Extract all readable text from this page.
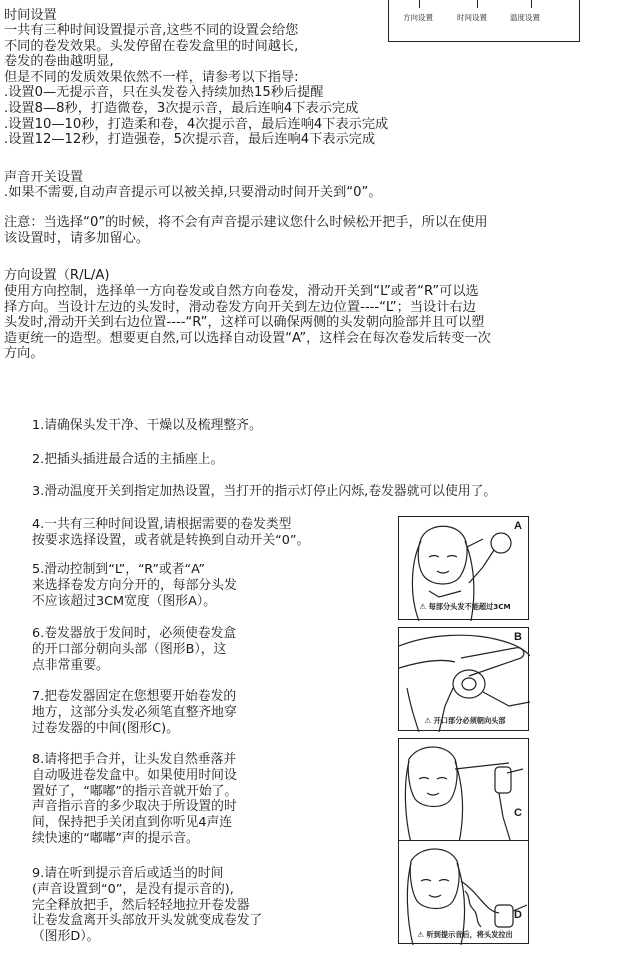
方向设置	时间设置	温度设置
时间设置
一共有三种时间设置提示音,这些不同的设置会给您
不同的卷发效果。头发停留在卷发盒里的时间越长,
卷发的卷曲越明显,
但是不同的发质效果依然不一样，请参考以下指导:
.设置0—无提示音，只在头发卷入持续加热15秒后提醒
.设置8—8秒，打造微卷，3次提示音，最后连响4下表示完成
.设置10—10秒，打造柔和卷，4次提示音，最后连响4下表示完成
.设置12—12秒，打造强卷，5次提示音，最后连响4下表示完成
声音开关设置
.如果不需要,自动声音提示可以被关掉,只要滑动时间开关到“0”。
注意：当选择“0”的时候，将不会有声音提示建议您什么时候松开把手，所以在使用
该设置时，请多加留心。
方向设置（R/L/A)
使用方向控制，选择单一方向卷发或自然方向卷发，滑动开关到“L”或者“R”可以选
择方向。当设计左边的头发时，滑动卷发方向开关到左边位置----“L”；当设计右边
头发时,滑动开关到右边位置----“R”，这样可以确保两侧的头发朝向脸部并且可以塑
造更统一的造型。想要更自然,可以选择自动设置“A”，这样会在每次卷发后转变一次
方向。
1.请确保头发干净、干燥以及梳理整齐。
2.把插头插进最合适的主插座上。
3.滑动温度开关到指定加热设置，当打开的指示灯停止闪烁,卷发器就可以使用了。
4.一共有三种时间设置,请根据需要的卷发类型
按要求选择设置，或者就是转换到自动开关“0”。
5.滑动控制到“L”，“R”或者“A”
来选择卷发方向分开的，每部分头发
不应该超过3CM宽度（图形A）。
6.卷发器放于发间时，必须使卷发盒
的开口部分朝向头部（图形B），这
点非常重要。
7.把卷发器固定在您想要开始卷发的
地方，这部分头发必须笔直整齐地穿
过卷发器的中间(图形C)。
8.请将把手合并，让头发自然垂落并
自动吸进卷发盒中。如果使用时间设
置好了，“嘟嘟”的指示音就开始了。
声音指示音的多少取决于所设置的时
间，保持把手关闭直到你听见4声连
续快速的“嘟嘟”声的提示音。
9.请在听到提示音后或适当的时间
(声音设置到“0”，是没有提示音的),
完全释放把手，然后轻轻地拉开卷发器
让卷发盒离开头部放开头发就变成卷发了
（图形D）。
A
⚠ 每部分头发不能超过3CM
B
⚠ 开口部分必须朝向头部
C
D
⚠ 听到提示音后，将头发拉出
